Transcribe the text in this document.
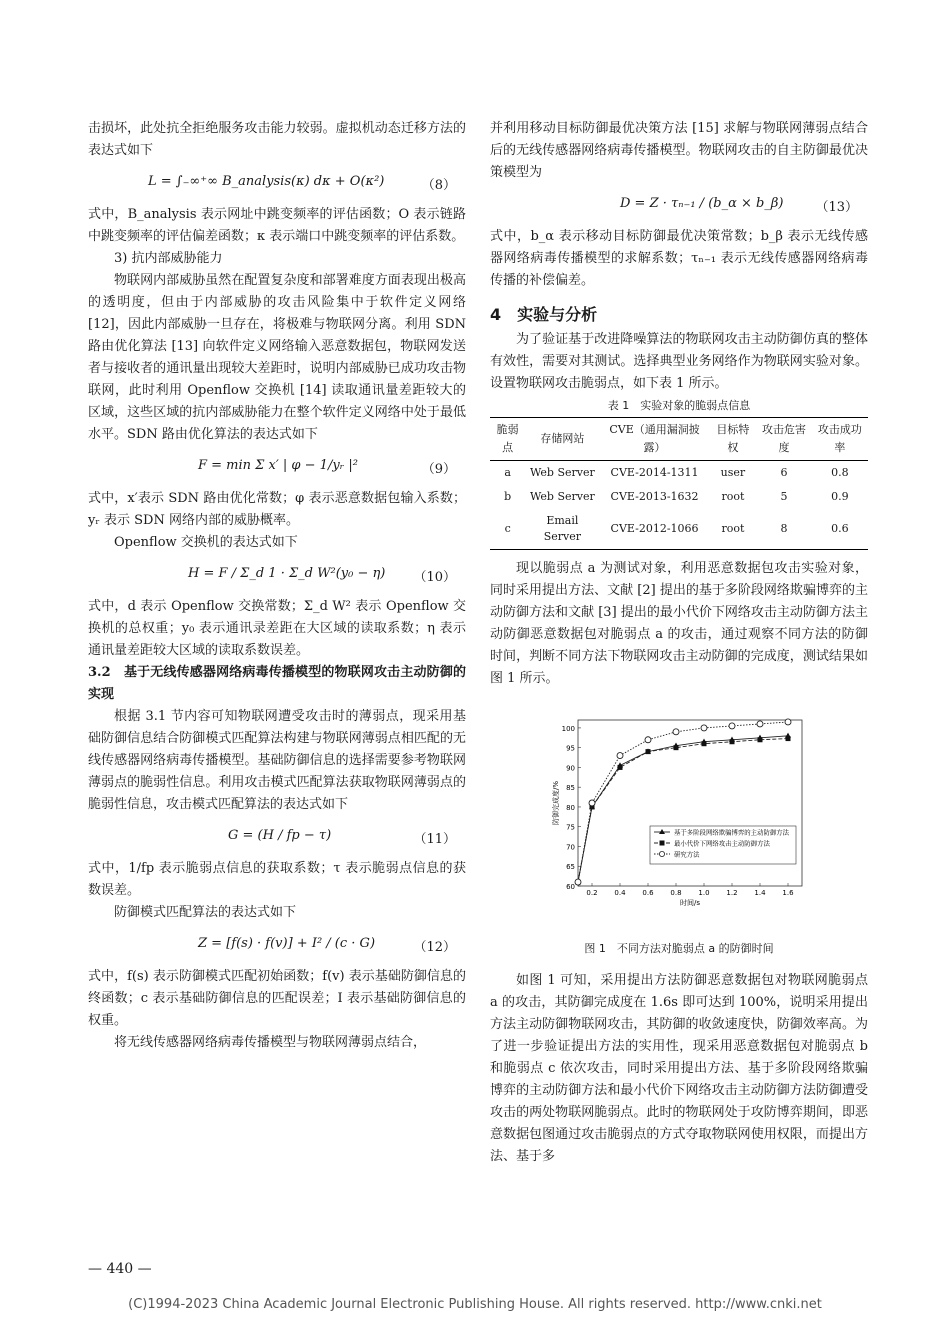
击损坏，此处抗全拒绝服务攻击能力较弱。虚拟机动态迁移方法的表达式如下

L = ∫₋∞⁺∞ B_analysis(κ) dκ + O(κ²)	（8）

式中，B_analysis 表示网址中跳变频率的评估函数；O 表示链路中跳变频率的评估偏差函数；κ 表示端口中跳变频率的评估系数。

3) 抗内部威胁能力

物联网内部威胁虽然在配置复杂度和部署难度方面表现出极高的透明度，但由于内部威胁的攻击风险集中于软件定义网络 [12]，因此内部威胁一旦存在，将极难与物联网分离。利用 SDN 路由优化算法 [13] 向软件定义网络输入恶意数据包，物联网发送者与接收者的通讯量出现较大差距时，说明内部威胁已成功攻击物联网，此时利用 Openflow 交换机 [14] 读取通讯量差距较大的区域，这些区域的抗内部威胁能力在整个软件定义网络中处于最低水平。SDN 路由优化算法的表达式如下

F = min Σ x′ | φ − 1/yᵣ |²	（9）

式中，x′表示 SDN 路由优化常数；φ 表示恶意数据包输入系数；yᵣ 表示 SDN 网络内部的威胁概率。

Openflow 交换机的表达式如下

H = F / Σ_d 1 · Σ_d W²(y₀ − η) （10）

式中，d 表示 Openflow 交换常数；Σ_d W² 表示 Openflow 交换机的总权重；y₀ 表示通讯录差距在大区域的读取系数；η 表示通讯量差距较大区域的读取系数误差。

3.2　基于无线传感器网络病毒传播模型的物联网攻击主动防御的实现

根据 3.1 节内容可知物联网遭受攻击时的薄弱点，现采用基础防御信息结合防御模式匹配算法构建与物联网薄弱点相匹配的无线传感器网络病毒传播模型。基础防御信息的选择需要参考物联网薄弱点的脆弱性信息。利用攻击模式匹配算法获取物联网薄弱点的脆弱性信息，攻击模式匹配算法的表达式如下

G = (H / fp − τ)	（11）

式中，1/fp 表示脆弱点信息的获取系数；τ 表示脆弱点信息的获数误差。

防御模式匹配算法的表达式如下

Z = [f(s) · f(v)] + I² / (c · G)	（12）

式中，f(s) 表示防御模式匹配初始函数；f(v) 表示基础防御信息的终函数；c 表示基础防御信息的匹配误差；I 表示基础防御信息的权重。

将无线传感器网络病毒传播模型与物联网薄弱点结合，

并利用移动目标防御最优决策方法 [15] 求解与物联网薄弱点结合后的无线传感器网络病毒传播模型。物联网攻击的自主防御最优决策模型为

D = Z · τₙ₋₁ / (b_α × b_β) （13）

式中，b_α 表示移动目标防御最优决策常数；b_β 表示无线传感器网络病毒传播模型的求解系数；τₙ₋₁ 表示无线传感器网络病毒传播的补偿偏差。

4　实验与分析

为了验证基于改进降噪算法的物联网攻击主动防御仿真的整体有效性，需要对其测试。选择典型业务网络作为物联网实验对象。设置物联网攻击脆弱点，如下表 1 所示。

表 1　实验对象的脆弱点信息
脆弱点	存储网站	CVE（通用漏洞披露）	目标特权	攻击危害度	攻击成功率
a	Web Server	CVE-2014-1311	user	6	0.8
b	Web Server	CVE-2013-1632	root	5	0.9
c	Email Server	CVE-2012-1066	root	8	0.6

现以脆弱点 a 为测试对象，利用恶意数据包攻击实验对象，同时采用提出方法、文献 [2] 提出的基于多阶段网络欺骗博弈的主动防御方法和文献 [3] 提出的最小代价下网络攻击主动防御方法主动防御恶意数据包对脆弱点 a 的攻击，通过观察不同方法的防御时间，判断不同方法下物联网攻击主动防御的完成度，测试结果如图 1 所示。

60
65
70
75
80
85
90
95
100
0.2 0.4 0.6 0.8 1.0 1.2 1.4 1.6
时间/s
防御完成度/%
基于多阶段网络欺骗博弈的主动防御方法
最小代价下网络攻击主动防御方法
研究方法
图 1　不同方法对脆弱点 a 的防御时间

如图 1 可知，采用提出方法防御恶意数据包对物联网脆弱点 a 的攻击，其防御完成度在 1.6s 即可达到 100%，说明采用提出方法主动防御物联网攻击，其防御的收敛速度快，防御效率高。为了进一步验证提出方法的实用性，现采用恶意数据包对脆弱点 b 和脆弱点 c 依次攻击，同时采用提出方法、基于多阶段网络欺骗博弈的主动防御方法和最小代价下网络攻击主动防御方法防御遭受攻击的两处物联网脆弱点。此时的物联网处于攻防博弈期间，即恶意数据包图通过攻击脆弱点的方式夺取物联网使用权限，而提出方法、基于多

— 440 —
(C)1994-2023 China Academic Journal Electronic Publishing House. All rights reserved. http://www.cnki.net
